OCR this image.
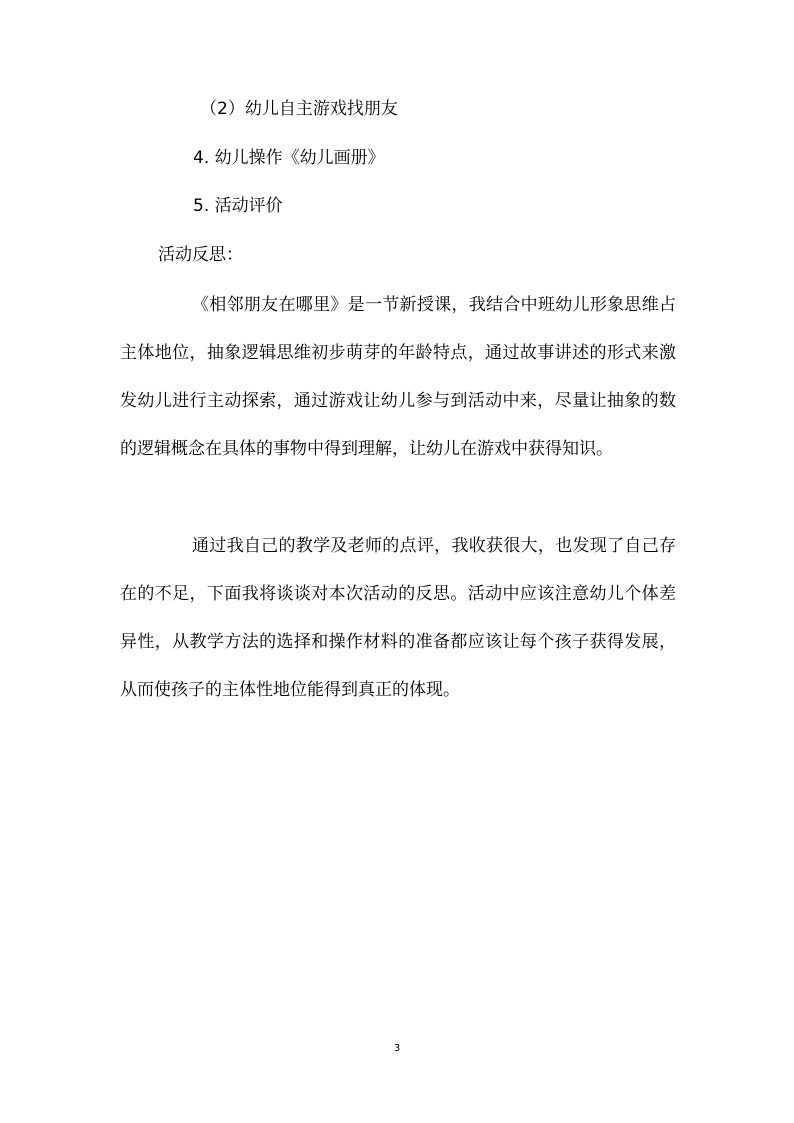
（2）幼儿自主游戏找朋友
4. 幼儿操作《幼儿画册》
5. 活动评价
活动反思：

《相邻朋友在哪里》是一节新授课，我结合中班幼儿形象思维占主体地位，抽象逻辑思维初步萌芽的年龄特点，通过故事讲述的形式来激发幼儿进行主动探索，通过游戏让幼儿参与到活动中来，尽量让抽象的数的逻辑概念在具体的事物中得到理解，让幼儿在游戏中获得知识。

通过我自己的教学及老师的点评，我收获很大，也发现了自己存在的不足，下面我将谈谈对本次活动的反思。活动中应该注意幼儿个体差异性，从教学方法的选择和操作材料的准备都应该让每个孩子获得发展，从而使孩子的主体性地位能得到真正的体现。

3
